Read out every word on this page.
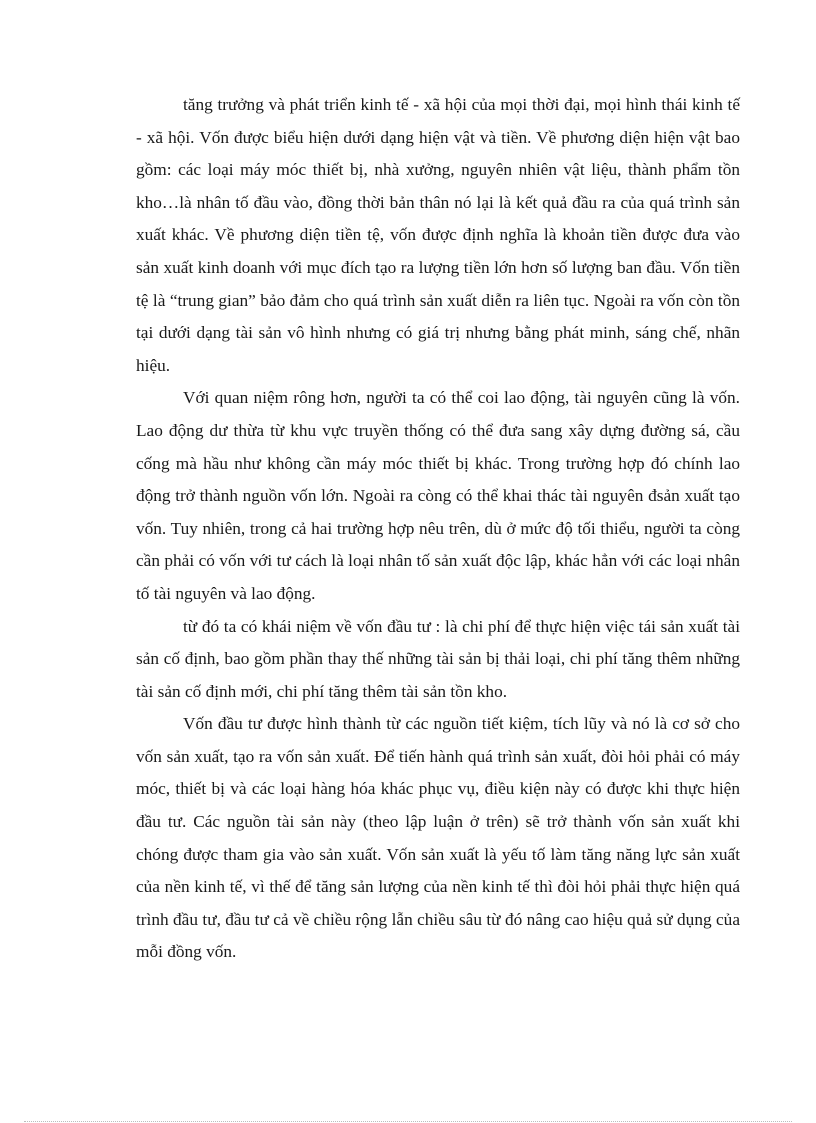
tăng trưởng và phát triển kinh tế - xã hội của mọi thời đại, mọi hình thái kinh tế - xã hội. Vốn được biểu hiện dưới dạng hiện vật và tiền. Về phương diện hiện vật bao gồm: các loại máy móc thiết bị, nhà xưởng, nguyên nhiên vật liệu, thành phẩm tồn kho…là nhân tố đầu vào, đồng thời bản thân nó lại là kết quả đầu ra của quá trình sản xuất khác. Về phương diện tiền tệ, vốn được định nghĩa là khoản tiền được đưa vào sản xuất kinh doanh với mục đích tạo ra lượng tiền lớn hơn số lượng ban đầu. Vốn tiền tệ là “trung gian” bảo đảm cho quá trình sản xuất diễn ra liên tục. Ngoài ra vốn còn tồn tại dưới dạng tài sản vô hình nhưng có giá trị nhưng bằng phát minh, sáng chế, nhãn hiệu.

Với quan niệm rông hơn, người ta có thể coi lao động, tài nguyên cũng là vốn. Lao động dư thừa từ khu vực truyền thống có thể đưa sang xây dựng đường sá, cầu cống mà hầu như không cần máy móc thiết bị khác. Trong trường hợp đó chính lao động trở thành nguồn vốn lớn. Ngoài ra còng có thể khai thác tài nguyên đsản xuất tạo vốn. Tuy nhiên, trong cả hai trường hợp nêu trên, dù ở mức độ tối thiểu, người ta còng cần phải có vốn với tư cách là loại nhân tố sản xuất độc lập, khác hẳn với các loại nhân tố tài nguyên và lao động.

từ đó ta có khái niệm về vốn đầu tư : là chi phí để thực hiện việc tái sản xuất tài sản cố định, bao gồm phần thay thế những tài sản bị thải loại, chi phí tăng thêm những tài sản cố định mới, chi phí tăng thêm tài sản tồn kho.

Vốn đầu tư được hình thành từ các nguồn tiết kiệm, tích lũy và nó là cơ sở cho vốn sản xuất, tạo ra vốn sản xuất. Để tiến hành quá trình sản xuất, đòi hỏi phải có máy móc, thiết bị và các loại hàng hóa khác phục vụ, điều kiện này có được khi thực hiện đầu tư. Các nguồn tài sản này (theo lập luận ở trên) sẽ trở thành vốn sản xuất khi chóng được tham gia vào sản xuất. Vốn sản xuất là yếu tố làm tăng năng lực sản xuất của nền kinh tế, vì thế để tăng sản lượng của nền kinh tế thì đòi hỏi phải thực hiện quá trình đầu tư, đầu tư cả về chiều rộng lẫn chiều sâu từ đó nâng cao hiệu quả sử dụng của mỗi đồng vốn.
